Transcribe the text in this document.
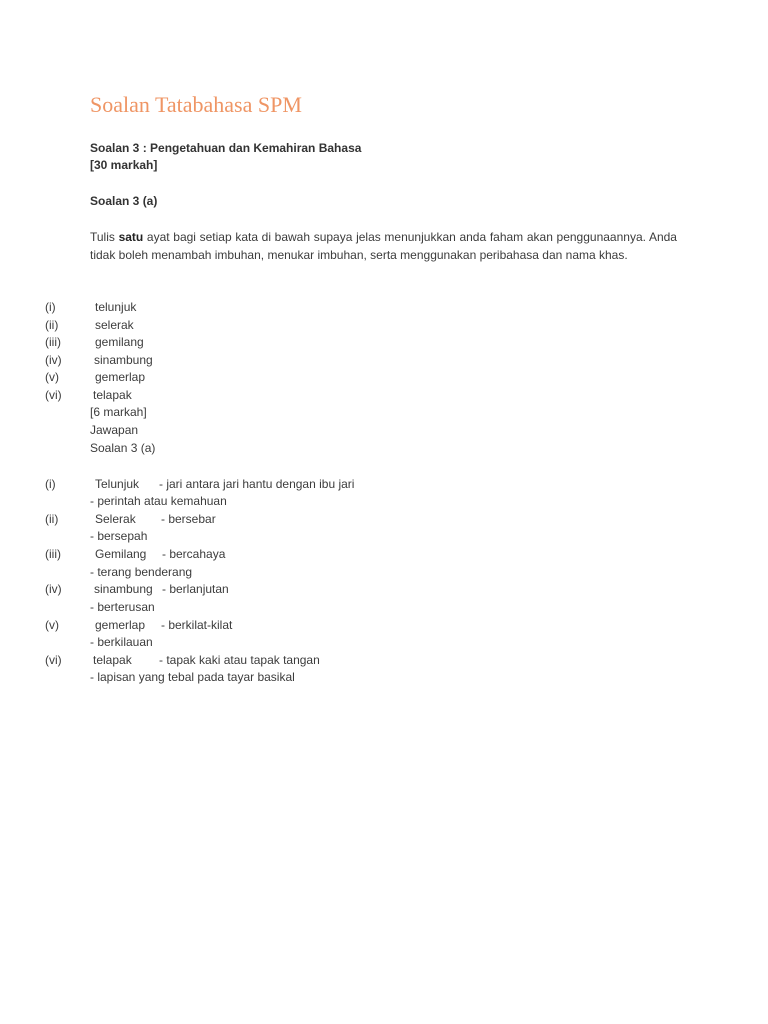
Soalan Tatabahasa SPM
Soalan 3 : Pengetahuan dan Kemahiran Bahasa
[30 markah]
Soalan 3 (a)

Tulis satu ayat bagi setiap kata di bawah supaya jelas menunjukkan anda faham akan penggunaannya. Anda tidak boleh menambah imbuhan, menukar imbuhan, serta menggunakan peribahasa dan nama khas.

(i)	telunjuk
(ii)	selerak
(iii)	gemilang
(iv)	sinambung
(v)	gemerlap
(vi)	telapak
[6 markah]
Jawapan
Soalan 3 (a)
(i)	Telunjuk - jari antara jari hantu dengan ibu jari
- perintah atau kemahuan
(ii)	Selerak - bersebar
- bersepah
(iii)	Gemilang - bercahaya
- terang benderang
(iv)	sinambung - berlanjutan
- berterusan
(v)	gemerlap - berkilat-kilat
- berkilauan
(vi)	telapak - tapak kaki atau tapak tangan
- lapisan yang tebal pada tayar basikal
